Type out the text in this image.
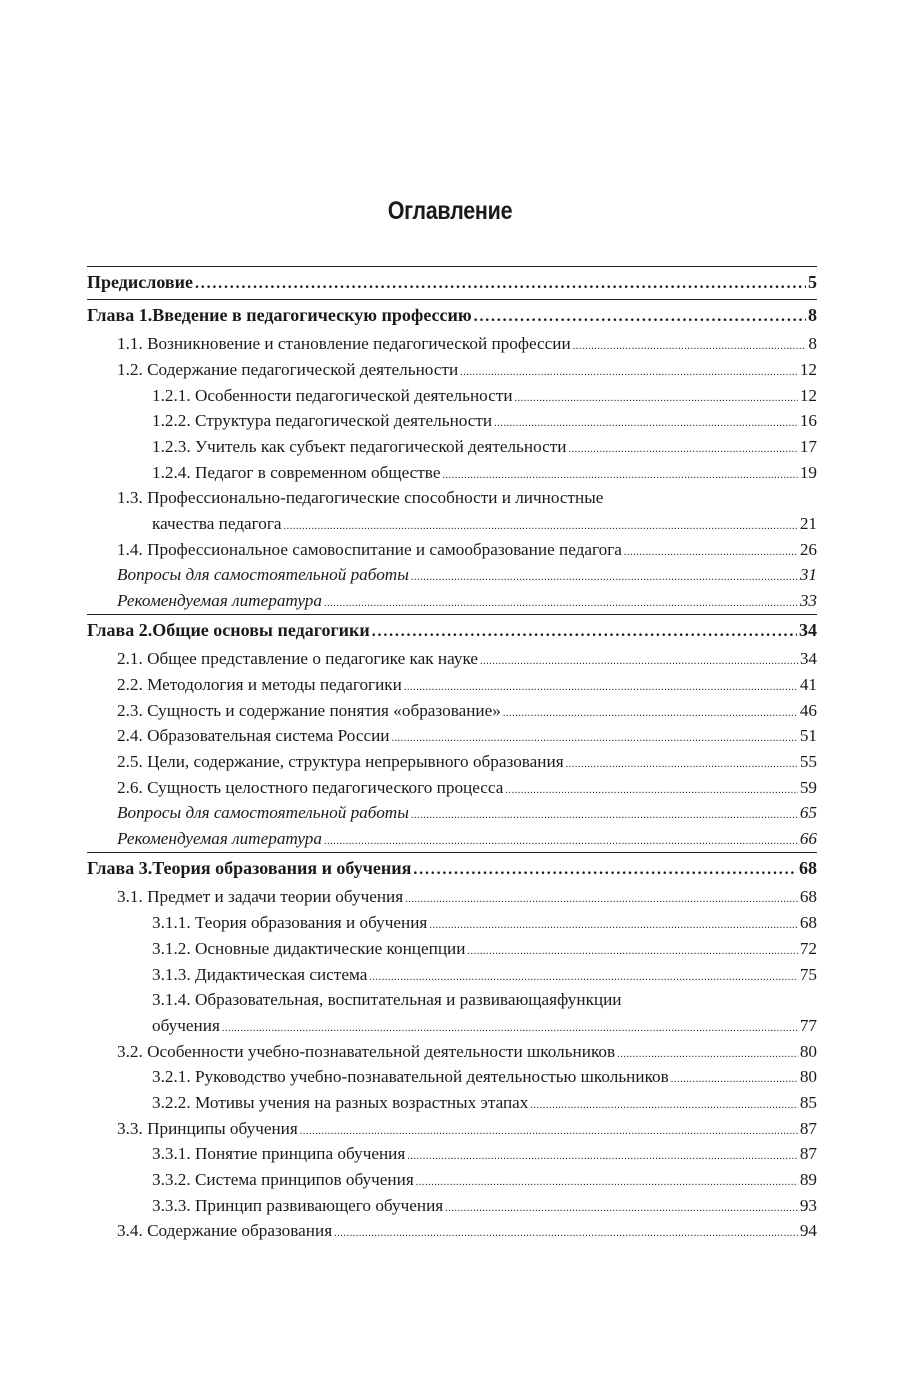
Оглавление
Предисловие .....	5
Глава 1.Введение в педагогическую профессию .....	8
1.1. Возникновение и становление педагогической профессии .....	8
1.2. Содержание педагогической деятельности .....	12
1.2.1. Особенности педагогической деятельности .....	12
1.2.2. Структура педагогической деятельности .....	16
1.2.3. Учитель как субъект педагогической деятельности .....	17
1.2.4. Педагог в современном обществе .....	19
1.3. Профессионально-педагогические способности и личностные
качества педагога .....	21
1.4. Профессиональное самовоспитание и самообразование педагога .....	26
Вопросы для самостоятельной работы .....	31
Рекомендуемая литература .....	33
Глава 2.Общие основы педагогики .....	34
2.1. Общее представление о педагогике как науке .....	34
2.2. Методология и методы педагогики .....	41
2.3. Сущность и содержание понятия «образование» .....	46
2.4. Образовательная система России .....	51
2.5. Цели, содержание, структура непрерывного образования .....	55
2.6. Сущность целостного педагогического процесса .....	59
Вопросы для самостоятельной работы .....	65
Рекомендуемая литература .....	66
Глава 3.Теория образования и обучения .....	68
3.1. Предмет и задачи теории обучения .....	68
3.1.1. Теория образования и обучения .....	68
3.1.2. Основные дидактические концепции .....	72
3.1.3. Дидактическая система .....	75
3.1.4. Образовательная, воспитательная и развивающаяфункции
обучения .....	77
3.2. Особенности учебно-познавательной деятельности школьников .....	80
3.2.1. Руководство учебно-познавательной деятельностью школьников .....	80
3.2.2. Мотивы учения на разных возрастных этапах .....	85
3.3. Принципы обучения .....	87
3.3.1. Понятие принципа обучения .....	87
3.3.2. Система принципов обучения .....	89
3.3.3. Принцип развивающего обучения .....	93
3.4. Содержание образования .....	94
